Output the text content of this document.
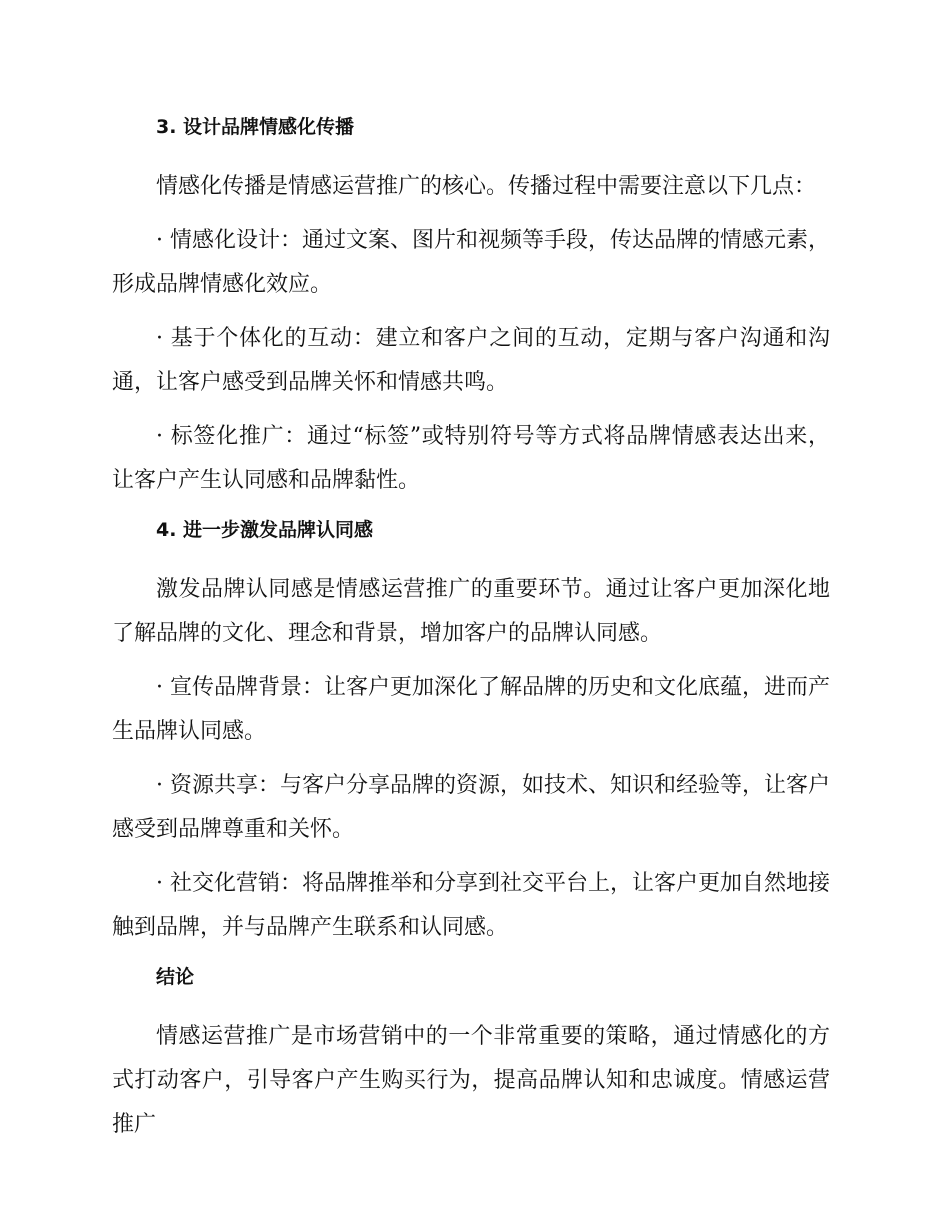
3. 设计品牌情感化传播

情感化传播是情感运营推广的核心。传播过程中需要注意以下几点：

· 情感化设计：通过文案、图片和视频等手段，传达品牌的情感元素，形成品牌情感化效应。

· 基于个体化的互动：建立和客户之间的互动，定期与客户沟通和沟通，让客户感受到品牌关怀和情感共鸣。

· 标签化推广：通过“标签”或特别符号等方式将品牌情感表达出来，让客户产生认同感和品牌黏性。

4. 进一步激发品牌认同感

激发品牌认同感是情感运营推广的重要环节。通过让客户更加深化地了解品牌的文化、理念和背景，增加客户的品牌认同感。

· 宣传品牌背景：让客户更加深化了解品牌的历史和文化底蕴，进而产生品牌认同感。

· 资源共享：与客户分享品牌的资源，如技术、知识和经验等，让客户感受到品牌尊重和关怀。

· 社交化营销：将品牌推举和分享到社交平台上，让客户更加自然地接触到品牌，并与品牌产生联系和认同感。

结论

情感运营推广是市场营销中的一个非常重要的策略，通过情感化的方式打动客户，引导客户产生购买行为，提高品牌认知和忠诚度。情感运营推广
